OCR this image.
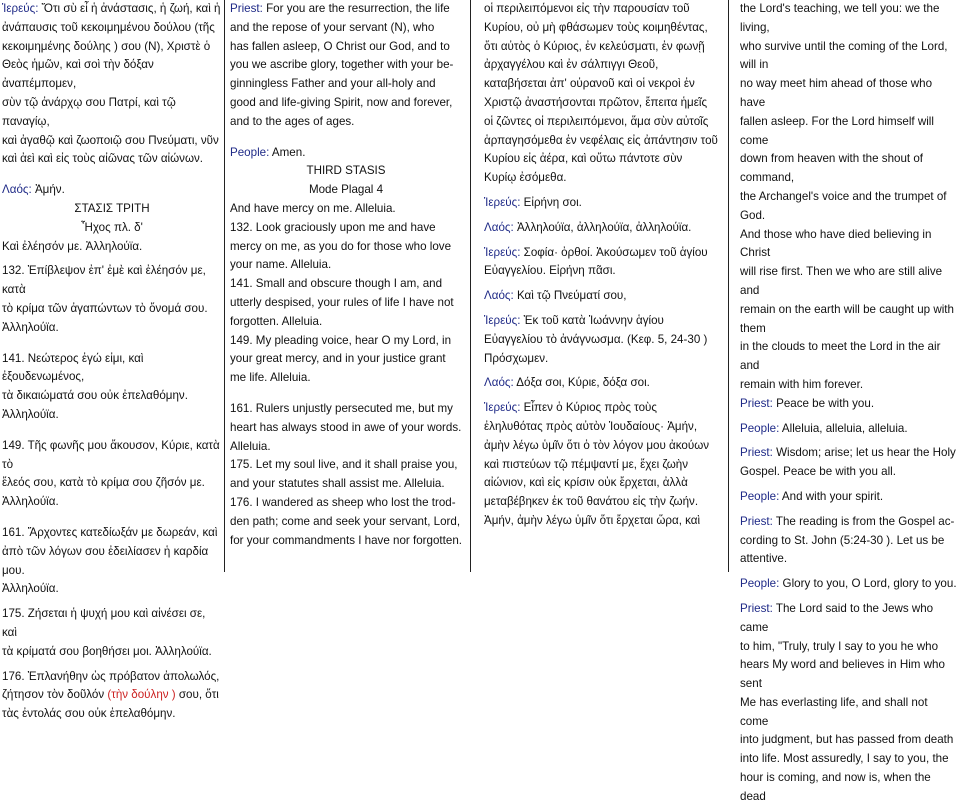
Ἱερεύς: Ὅτι σὺ εἶ ἡ ἀνάστασις, ἡ ζωή, καὶ ἡ

ἀνάπαυσις τοῦ κεκοιμημένου δούλου (τῆς

κεκοιμημένης δούλης ) σου (Ν), Χριστὲ ὁ

Θεὸς ἡμῶν, καὶ σοὶ τὴν δόξαν ἀναπέμπομεν,

σὺν τῷ ἀνάρχῳ σου Πατρί, καὶ τῷ παναγίῳ,

καὶ ἀγαθῷ καὶ ζωοποιῷ σου Πνεύματι, νῦν

καὶ ἀεὶ καὶ εἰς τοὺς αἰῶνας τῶν αἰώνων.

Λαός: Ἀμήν.

ΣΤΑΣΙΣ ΤΡΙΤΗ

Ἦχος πλ. δ'

Καὶ ἐλέησόν με. Ἀλληλούϊα.

132. Ἐπίβλεψον ἐπ' ἐμὲ καὶ ἐλέησόν με, κατὰ

τὸ κρίμα τῶν ἀγαπώντων τὸ ὄνομά σου.

Ἀλληλούϊα.

141. Νεώτερος ἐγώ εἰμι, καὶ ἐξουδενωμένος,

τὰ δικαιώματά σου οὐκ ἐπελαθόμην.

Ἀλληλούϊα.

149. Τῆς φωνῆς μου ἄκουσον, Κύριε, κατὰ τὸ

ἔλεός σου, κατὰ τὸ κρίμα σου ζῆσόν με.

Ἀλληλούϊα.

161. Ἄρχοντες κατεδίωξάν με δωρεάν, καὶ

ἀπὸ τῶν λόγων σου ἐδειλίασεν ἡ καρδία μου.

Ἀλληλούϊα.

175. Ζήσεται ἡ ψυχή μου καὶ αἰνέσει σε, καὶ

τὰ κρίματά σου βοηθήσει μοι. Ἀλληλούϊα.

176. Ἐπλανήθην ὡς πρόβατον ἀπολωλός,

ζήτησον τὸν δοῦλόν (τὴν δούλην ) σου, ὅτι

τὰς ἐντολάς σου οὐκ ἐπελαθόμην.

Priest: For you are the resurrection, the life

and the repose of your servant (N), who

has fallen asleep, O Christ our God, and to

you we ascribe glory, together with your be-

ginningless Father and your all-holy and

good and life-giving Spirit, now and forever,

and to the ages of ages.

People: Amen.

THIRD STASIS

Mode Plagal 4

And have mercy on me. Alleluia.

132. Look graciously upon me and have

mercy on me, as you do for those who love

your name. Alleluia.

141. Small and obscure though I am, and

utterly despised, your rules of life I have not

forgotten. Alleluia.

149. My pleading voice, hear O my Lord, in

your great mercy, and in your justice grant

me life. Alleluia.

161. Rulers unjustly persecuted me, but my

heart has always stood in awe of your words.

Alleluia.

175. Let my soul live, and it shall praise you,

and your statutes shall assist me. Alleluia.

176. I wandered as sheep who lost the trod-

den path; come and seek your servant, Lord,

for your commandments I have nor forgotten.

οἱ περιλειπόμενοι εἰς τὴν παρουσίαν τοῦ

Κυρίου, οὐ μὴ φθάσωμεν τοὺς κοιμηθέντας,

ὅτι αὐτὸς ὁ Κύριος, ἐν κελεύσματι, ἐν φωνῇ

ἀρχαγγέλου καὶ ἐν σάλπιγγι Θεοῦ,

καταβήσεται ἀπ' οὐρανοῦ καὶ οἱ νεκροὶ ἐν

Χριστῷ ἀναστήσονται πρῶτον, ἔπειτα ἡμεῖς

οἱ ζῶντες οἱ περιλειπόμενοι, ἅμα σὺν αὐτοῖς

ἁρπαγησόμεθα ἐν νεφέλαις εἰς ἀπάντησιν τοῦ

Κυρίου εἰς ἀέρα, καὶ οὕτω πάντοτε σὺν

Κυρίῳ ἐσόμεθα.

Ἱερεύς: Εἰρήνη σοι.

Λαός: Ἀλληλούϊα, ἀλληλούϊα, ἀλληλούϊα.

Ἱερεύς: Σοφία· ὀρθοί. Ἀκούσωμεν τοῦ ἁγίου

Εὐαγγελίου. Εἰρήνη πᾶσι.

Λαός: Καὶ τῷ Πνεύματί σου,

Ἱερεύς: Ἐκ τοῦ κατὰ Ἰωάννην ἁγίου

Εὐαγγελίου τὸ ἀνάγνωσμα. (Κεφ. 5, 24-30 )

Πρόσχωμεν.

Λαός: Δόξα σοι, Κύριε, δόξα σοι.

Ἱερεύς: Εἶπεν ὁ Κύριος πρὸς τοὺς

ἐληλυθότας πρὸς αὐτὸν Ἰουδαίους· Ἀμήν,

ἀμὴν λέγω ὑμῖν ὅτι ὁ τὸν λόγον μου ἀκούων

καὶ πιστεύων τῷ πέμψαντί με, ἔχει ζωὴν

αἰώνιον, καὶ εἰς κρίσιν οὐκ ἔρχεται, ἀλλὰ

μεταβέβηκεν ἐκ τοῦ θανάτου εἰς τὴν ζωήν.

Ἀμήν, ἀμὴν λέγω ὑμῖν ὅτι ἔρχεται ὥρα, καὶ

the Lord's teaching, we tell you: we the living,

who survive until the coming of the Lord, will in

no way meet him ahead of those who have

fallen asleep. For the Lord himself will come

down from heaven with the shout of command,

the Archangel's voice and the trumpet of God.

And those who have died believing in Christ

will rise first. Then we who are still alive and

remain on the earth will be caught up with them

in the clouds to meet the Lord in the air and

remain with him forever.

Priest: Peace be with you.

People: Alleluia, alleluia, alleluia.

Priest: Wisdom; arise; let us hear the Holy

Gospel. Peace be with you all.

People: And with your spirit.

Priest: The reading is from the Gospel ac-

cording to St. John (5:24-30 ). Let us be

attentive.

People: Glory to you, O Lord, glory to you.

Priest: The Lord said to the Jews who came

to him, "Truly, truly I say to you he who

hears My word and believes in Him who sent

Me has everlasting life, and shall not come

into judgment, but has passed from death

into life. Most assuredly, I say to you, the

hour is coming, and now is, when the dead
